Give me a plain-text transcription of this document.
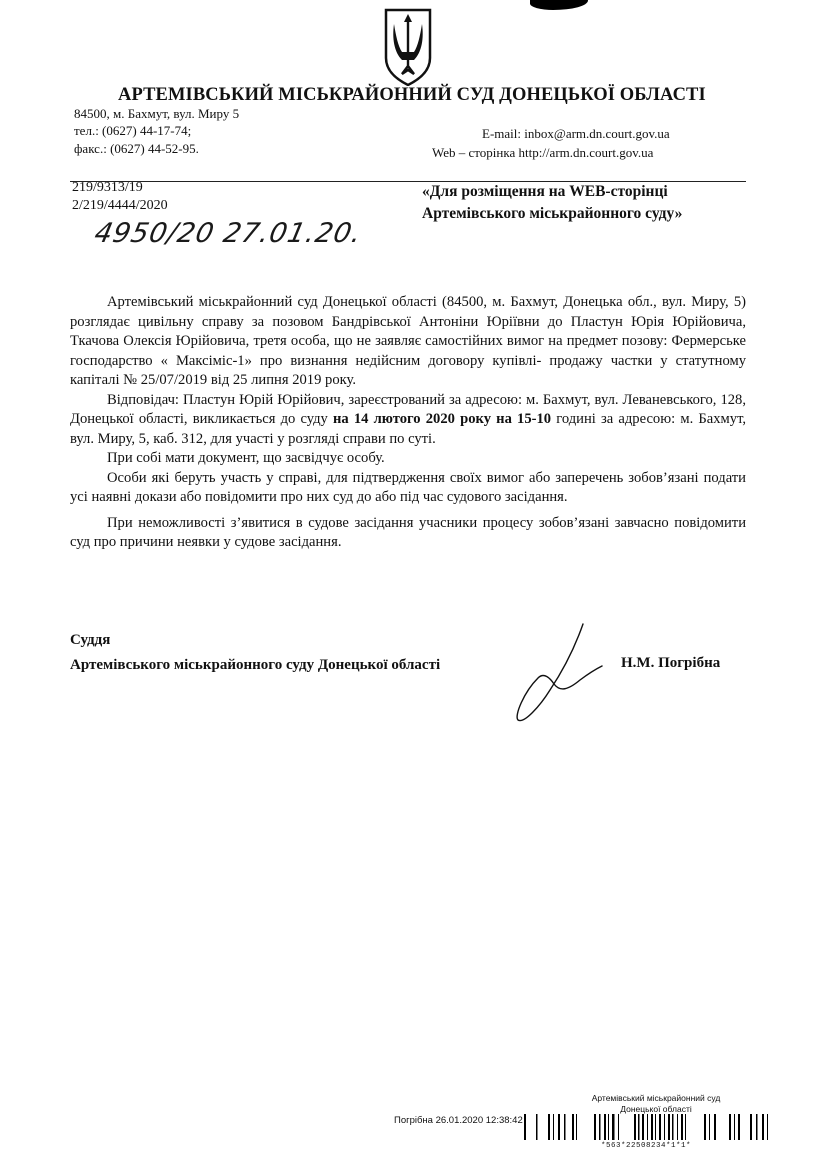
АРТЕМІВСЬКИЙ МІСЬКРАЙОННИЙ СУД ДОНЕЦЬКОЇ ОБЛАСТІ
84500, м. Бахмут, вул. Миру 5
тел.: (0627) 44-17-74;
факс.: (0627) 44-52-95.
E-mail: inbox@arm.dn.court.gov.ua
Web – сторінка http://arm.dn.court.gov.ua
219/9313/19
2/219/4444/2020
4950/20 27.01.20.
«Для розміщення на WEB-сторінці
Артемівського міськрайонного суду»

Артемівський міськрайонний суд Донецької області (84500, м. Бахмут, Донецька обл., вул. Миру, 5) розглядає цивільну справу за позовом Бандрівської Антоніни Юріївни до Пластун Юрія Юрійовича, Ткачова Олексія Юрійовича, третя особа, що не заявляє самостійних вимог на предмет позову: Фермерське господарство « Максіміс-1» про визнання недійсним договору купівлі- продажу частки у статутному капіталі № 25/07/2019 від 25 липня 2019 року.

Відповідач: Пластун Юрій Юрійович, зареєстрований за адресою: м. Бахмут, вул. Леваневського, 128, Донецької області, викликається до суду на 14 лютого 2020 року на 15-10 годині за адресою: м. Бахмут, вул. Миру, 5, каб. 312, для участі у розгляді справи по суті.

При собі мати документ, що засвідчує особу.

Особи які беруть участь у справі, для підтвердження своїх вимог або заперечень зобов’язані подати усі наявні докази або повідомити про них суд до або під час судового засідання.

При неможливості з’явитися в судове засідання учасники процесу зобов’язані завчасно повідомити суд про причини неявки у судове засідання.

Суддя
Артемівського міськрайонного суду Донецької області	Н.М. Погрібна
Артемівський міськрайонний суд
Донецької області
Погрібна 26.01.2020 12:38:42
*563*22508234*1*1*
